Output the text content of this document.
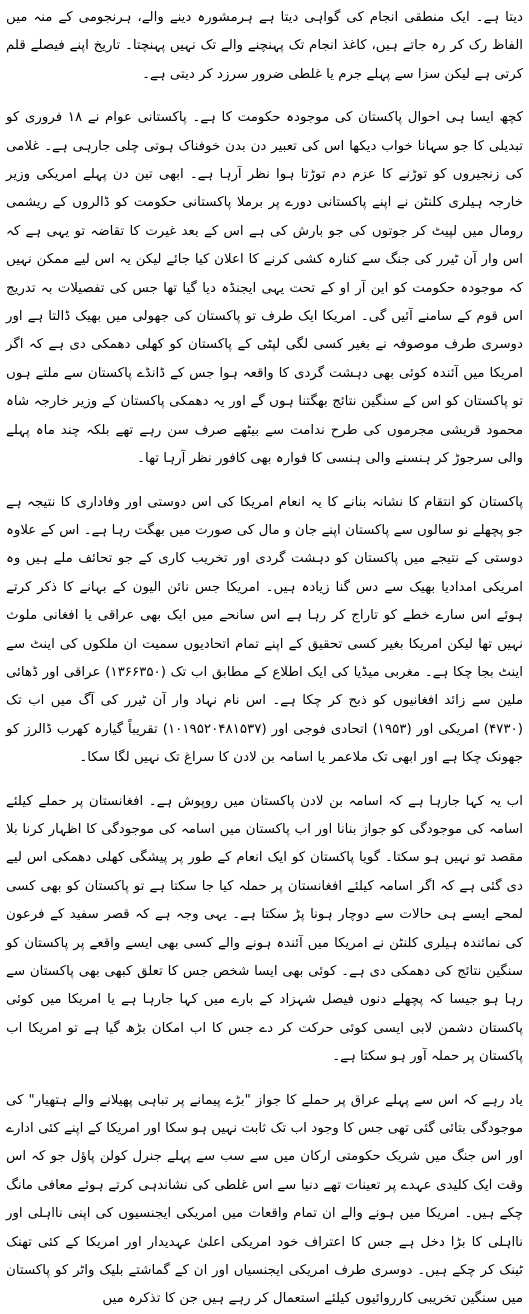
دیتا ہے۔ ایک منطقی انجام کی گواہی دیتا ہے ہرمشورہ دینے والے، ہرنجومی کے منہ میں الفاظ رک کر رہ جاتے ہیں، کاغذ انجام تک پہنچنے والے تک نہیں پہنچتا۔ تاریخ اپنے فیصلے قلم کرتی ہے لیکن سزا سے پہلے جرم یا غلطی ضرور سرزد کر دیتی ہے۔

کچھ ایسا ہی احوال پاکستان کی موجودہ حکومت کا ہے۔ پاکستانی عوام نے ۱۸ فروری کو تبدیلی کا جو سہانا خواب دیکھا اس کی تعبیر دن بدن خوفناک ہوتی چلی جارہی ہے۔ غلامی کی زنجیروں کو توڑنے کا عزم دم توڑتا ہوا نظر آرہا ہے۔ ابھی تین دن پہلے امریکی وزیر خارجہ ہیلری کلنٹن نے اپنے پاکستانی دورے پر برملا پاکستانی حکومت کو ڈالروں کے ریشمی رومال میں لپیٹ کر جوتوں کی جو بارش کی ہے اس کے بعد غیرت کا تقاضہ تو یہی ہے کہ اس وار آن ٹیرر کی جنگ سے کنارہ کشی کرنے کا اعلان کیا جائے لیکن یہ اس لیے ممکن نہیں کہ موجودہ حکومت کو این آر او کے تحت یہی ایجنڈہ دیا گیا تھا جس کی تفصیلات بہ تدریج اس قوم کے سامنے آئیں گی۔ امریکا ایک طرف تو پاکستان کی جھولی میں بھیک ڈالتا ہے اور دوسری طرف موصوفہ نے بغیر کسی لگی لپٹی کے پاکستان کو کھلی دھمکی دی ہے کہ اگر امریکا میں آئندہ کوئی بھی دہشت گردی کا واقعہ ہوا جس کے ڈانڈے پاکستان سے ملتے ہوں تو پاکستان کو اس کے سنگین نتائج بھگتنا ہوں گے اور یہ دھمکی پاکستان کے وزیر خارجہ شاہ محمود قریشی مجرموں کی طرح ندامت سے بیٹھے صرف سن رہے تھے بلکہ چند ماہ پہلے والی سرجوڑ کر ہنسنے والی ہنسی کا فوارہ بھی کافور نظر آرہا تھا۔

پاکستان کو انتقام کا نشانہ بنانے کا یہ انعام امریکا کی اس دوستی اور وفاداری کا نتیجہ ہے جو پچھلے نو سالوں سے پاکستان اپنے جان و مال کی صورت میں بھگت رہا ہے۔ اس کے علاوہ دوستی کے نتیجے میں پاکستان کو دہشت گردی اور تخریب کاری کے جو تحائف ملے ہیں وہ امریکی امدادیا بھیک سے دس گنا زیادہ ہیں۔ امریکا جس نائن الیون کے بہانے کا ذکر کرتے ہوئے اس سارے خطے کو تاراج کر رہا ہے اس سانحے میں ایک بھی عراقی یا افغانی ملوث نہیں تھا لیکن امریکا بغیر کسی تحقیق کے اپنے تمام اتحادیوں سمیت ان ملکوں کی اینٹ سے اینٹ بجا چکا ہے۔ مغربی میڈیا کی ایک اطلاع کے مطابق اب تک (۱۳۶۶۳۵۰) عراقی اور ڈھائی ملین سے زائد افغانیوں کو ذبح کر چکا ہے۔ اس نام نہاد وار آن ٹیرر کی آگ میں اب تک (۴۷۳۰) امریکی اور (۱۹۵۳) اتحادی فوجی اور (۱۰۱۹۵۲۰۴۸۱۵۳۷) تقریباً گیارہ کھرب ڈالرز کو جھونک چکا ہے اور ابھی تک ملاعمر یا اسامہ بن لادن کا سراغ تک نہیں لگا سکا۔

اب یہ کہا جارہا ہے کہ اسامہ بن لادن پاکستان میں روپوش ہے۔ افغانستان پر حملے کیلئے اسامہ کی موجودگی کو جواز بنانا اور اب پاکستان میں اسامہ کی موجودگی کا اظہار کرنا بلا مقصد تو نہیں ہو سکتا۔ گویا پاکستان کو ایک انعام کے طور پر پیشگی کھلی دھمکی اس لیے دی گئی ہے کہ اگر اسامہ کیلئے افغانستان پر حملہ کیا جا سکتا ہے تو پاکستان کو بھی کسی لمحے ایسے ہی حالات سے دوچار ہونا پڑ سکتا ہے۔ یہی وجہ ہے کہ قصر سفید کے فرعون کی نمائندہ ہیلری کلنٹن نے امریکا میں آئندہ ہونے والے کسی بھی ایسے واقعے پر پاکستان کو سنگین نتائج کی دھمکی دی ہے۔ کوئی بھی ایسا شخص جس کا تعلق کبھی بھی پاکستان سے رہا ہو جیسا کہ پچھلے دنوں فیصل شہزاد کے بارے میں کہا جارہا ہے یا امریکا میں کوئی پاکستان دشمن لابی ایسی کوئی حرکت کر دے جس کا اب امکان بڑھ گیا ہے تو امریکا اب پاکستان پر حملہ آور ہو سکتا ہے۔

یاد رہے کہ اس سے پہلے عراق پر حملے کا جواز "بڑے پیمانے پر تباہی پھیلانے والے ہتھیار" کی موجودگی بتائی گئی تھی جس کا وجود اب تک ثابت نہیں ہو سکا اور امریکا کے اپنے کئی ادارے اور اس جنگ میں شریک حکومتی ارکان میں سے سب سے پہلے جنرل کولن پاؤل جو کہ اس وقت ایک کلیدی عہدے پر تعینات تھے دنیا سے اس غلطی کی نشاندہی کرتے ہوئے معافی مانگ چکے ہیں۔ امریکا میں ہونے والے ان تمام واقعات میں امریکی ایجنسیوں کی اپنی نااہلی اور نااہلی کا بڑا دخل ہے جس کا اعتراف خود امریکی اعلیٰ عہدیدار اور امریکا کے کئی تھنک ٹینک کر چکے ہیں۔ دوسری طرف امریکی ایجنسیاں اور ان کے گماشتے بلیک واٹر کو پاکستان میں سنگین تخریبی کارروائیوں کیلئے استعمال کر رہے ہیں جن کا تذکرہ میں
